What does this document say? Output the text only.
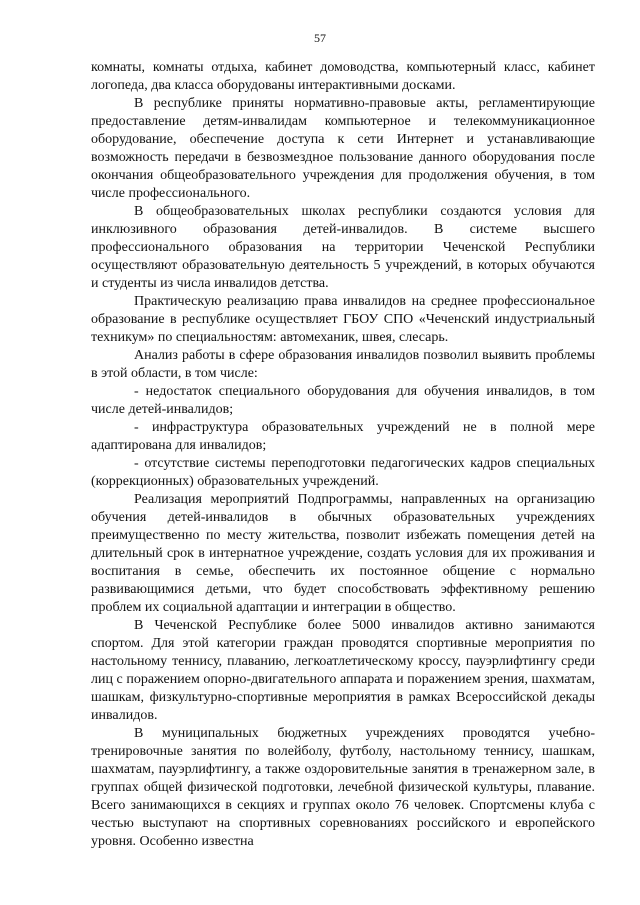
57

комнаты, комнаты отдыха, кабинет домоводства, компьютерный класс, кабинет логопеда, два класса оборудованы интерактивными досками.

В республике приняты нормативно-правовые акты, регламентирующие предоставление детям-инвалидам компьютерное и телекоммуникационное оборудование, обеспечение доступа к сети Интернет и устанавливающие возможность передачи в безвозмездное пользование данного оборудования после окончания общеобразовательного учреждения для продолжения обучения, в том числе профессионального.

В общеобразовательных школах республики создаются условия для инклюзивного образования детей-инвалидов. В системе высшего профессионального образования на территории Чеченской Республики осуществляют образовательную деятельность 5 учреждений, в которых обучаются и студенты из числа инвалидов детства.

Практическую реализацию права инвалидов на среднее профессиональное образование в республике осуществляет ГБОУ СПО «Чеченский индустриальный техникум» по специальностям: автомеханик, швея, слесарь.

Анализ работы в сфере образования инвалидов позволил выявить проблемы в этой области, в том числе:

- недостаток специального оборудования для обучения инвалидов, в том числе детей-инвалидов;

- инфраструктура образовательных учреждений не в полной мере адаптирована для инвалидов;

- отсутствие системы переподготовки педагогических кадров специальных (коррекционных) образовательных учреждений.

Реализация мероприятий Подпрограммы, направленных на организацию обучения детей-инвалидов в обычных образовательных учреждениях преимущественно по месту жительства, позволит избежать помещения детей на длительный срок в интернатное учреждение, создать условия для их проживания и воспитания в семье, обеспечить их постоянное общение с нормально развивающимися детьми, что будет способствовать эффективному решению проблем их социальной адаптации и интеграции в общество.

В Чеченской Республике более 5000 инвалидов активно занимаются спортом. Для этой категории граждан проводятся спортивные мероприятия по настольному теннису, плаванию, легкоатлетическому кроссу, пауэрлифтингу среди лиц с поражением опорно-двигательного аппарата и поражением зрения, шахматам, шашкам, физкультурно-спортивные мероприятия в рамках Всероссийской декады инвалидов.

В муниципальных бюджетных учреждениях проводятся учебно-тренировочные занятия по волейболу, футболу, настольному теннису, шашкам, шахматам, пауэрлифтингу, а также оздоровительные занятия в тренажерном зале, в группах общей физической подготовки, лечебной физической культуры, плавание. Всего занимающихся в секциях и группах около 76 человек. Спортсмены клуба с честью выступают на спортивных соревнованиях российского и европейского уровня. Особенно известна
